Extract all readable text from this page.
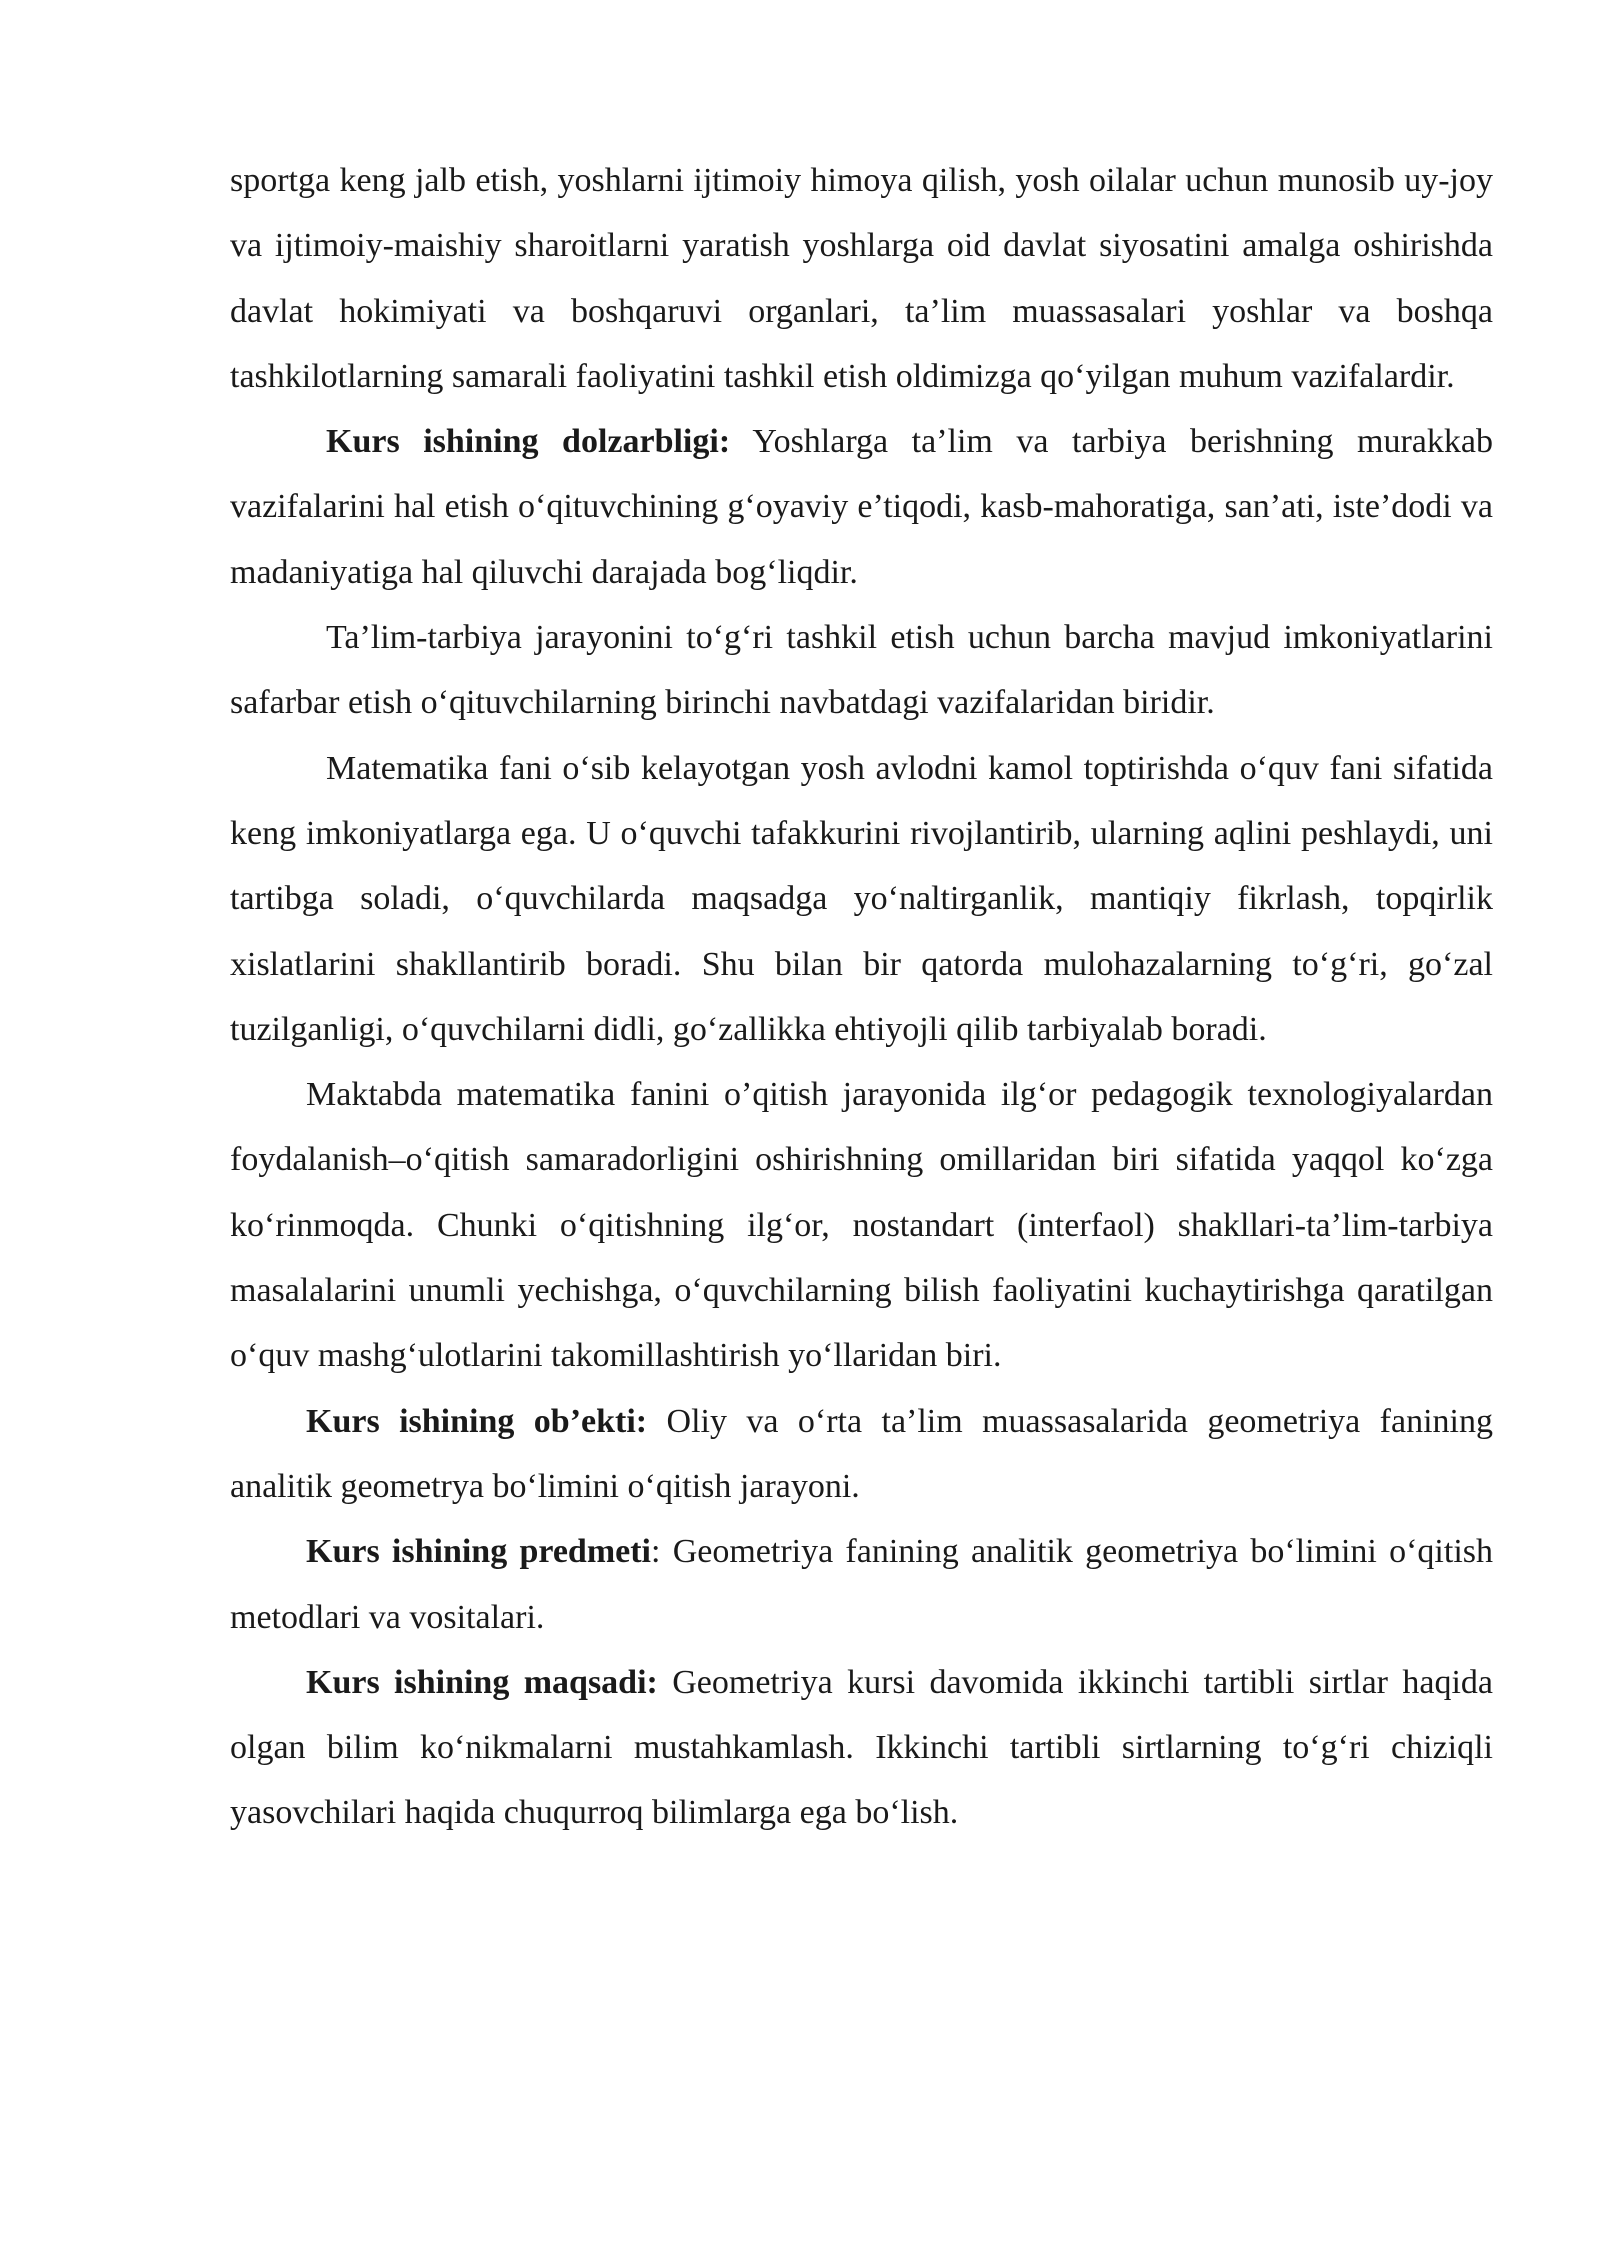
sportga keng jalb etish, yoshlarni ijtimoiy himoya qilish, yosh oilalar uchun munosib uy-joy va ijtimoiy-maishiy sharoitlarni yaratish yoshlarga oid davlat siyosatini amalga oshirishda davlat hokimiyati va boshqaruvi organlari, ta’lim muassasalari yoshlar va boshqa tashkilotlarning samarali faoliyatini tashkil etish oldimizga qo‘yilgan muhum vazifalardir.

Kurs ishining dolzarbligi: Yoshlarga ta’lim va tarbiya berishning murakkab vazifalarini hal etish o‘qituvchining g‘oyaviy e’tiqodi, kasb-mahoratiga, san’ati, iste’dodi va madaniyatiga hal qiluvchi darajada bog‘liqdir.

Ta’lim-tarbiya jarayonini to‘g‘ri tashkil etish uchun barcha mavjud imkoniyatlarini safarbar etish o‘qituvchilarning birinchi navbatdagi vazifalaridan biridir.

Matematika fani o‘sib kelayotgan yosh avlodni kamol toptirishda o‘quv fani sifatida keng imkoniyatlarga ega. U o‘quvchi tafakkurini rivojlantirib, ularning aqlini peshlaydi, uni tartibga soladi, o‘quvchilarda maqsadga yo‘naltirganlik, mantiqiy fikrlash, topqirlik xislatlarini shakllantirib boradi. Shu bilan bir qatorda mulohazalarning to‘g‘ri, go‘zal tuzilganligi, o‘quvchilarni didli, go‘zallikka ehtiyojli qilib tarbiyalab boradi.

Maktabda matematika fanini o’qitish jarayonida ilg‘or pedagogik texnologiyalardan foydalanish–o‘qitish samaradorligini oshirishning omillaridan biri sifatida yaqqol ko‘zga ko‘rinmoqda. Chunki o‘qitishning ilg‘or, nostandart (interfaol) shakllari-ta’lim-tarbiya masalalarini unumli yechishga, o‘quvchilarning bilish faoliyatini kuchaytirishga qaratilgan o‘quv mashg‘ulotlarini takomillashtirish yo‘llaridan biri.

Kurs ishining ob’ekti: Oliy va o‘rta ta’lim muassasalarida geometriya fanining analitik geometrya bo‘limini o‘qitish jarayoni.

Kurs ishining predmeti: Geometriya fanining analitik geometriya bo‘limini o‘qitish metodlari va vositalari.

Kurs ishining maqsadi: Geometriya kursi davomida ikkinchi tartibli sirtlar haqida olgan bilim ko‘nikmalarni mustahkamlash. Ikkinchi tartibli sirtlarning to‘g‘ri chiziqli yasovchilari haqida chuqurroq bilimlarga ega bo‘lish.
